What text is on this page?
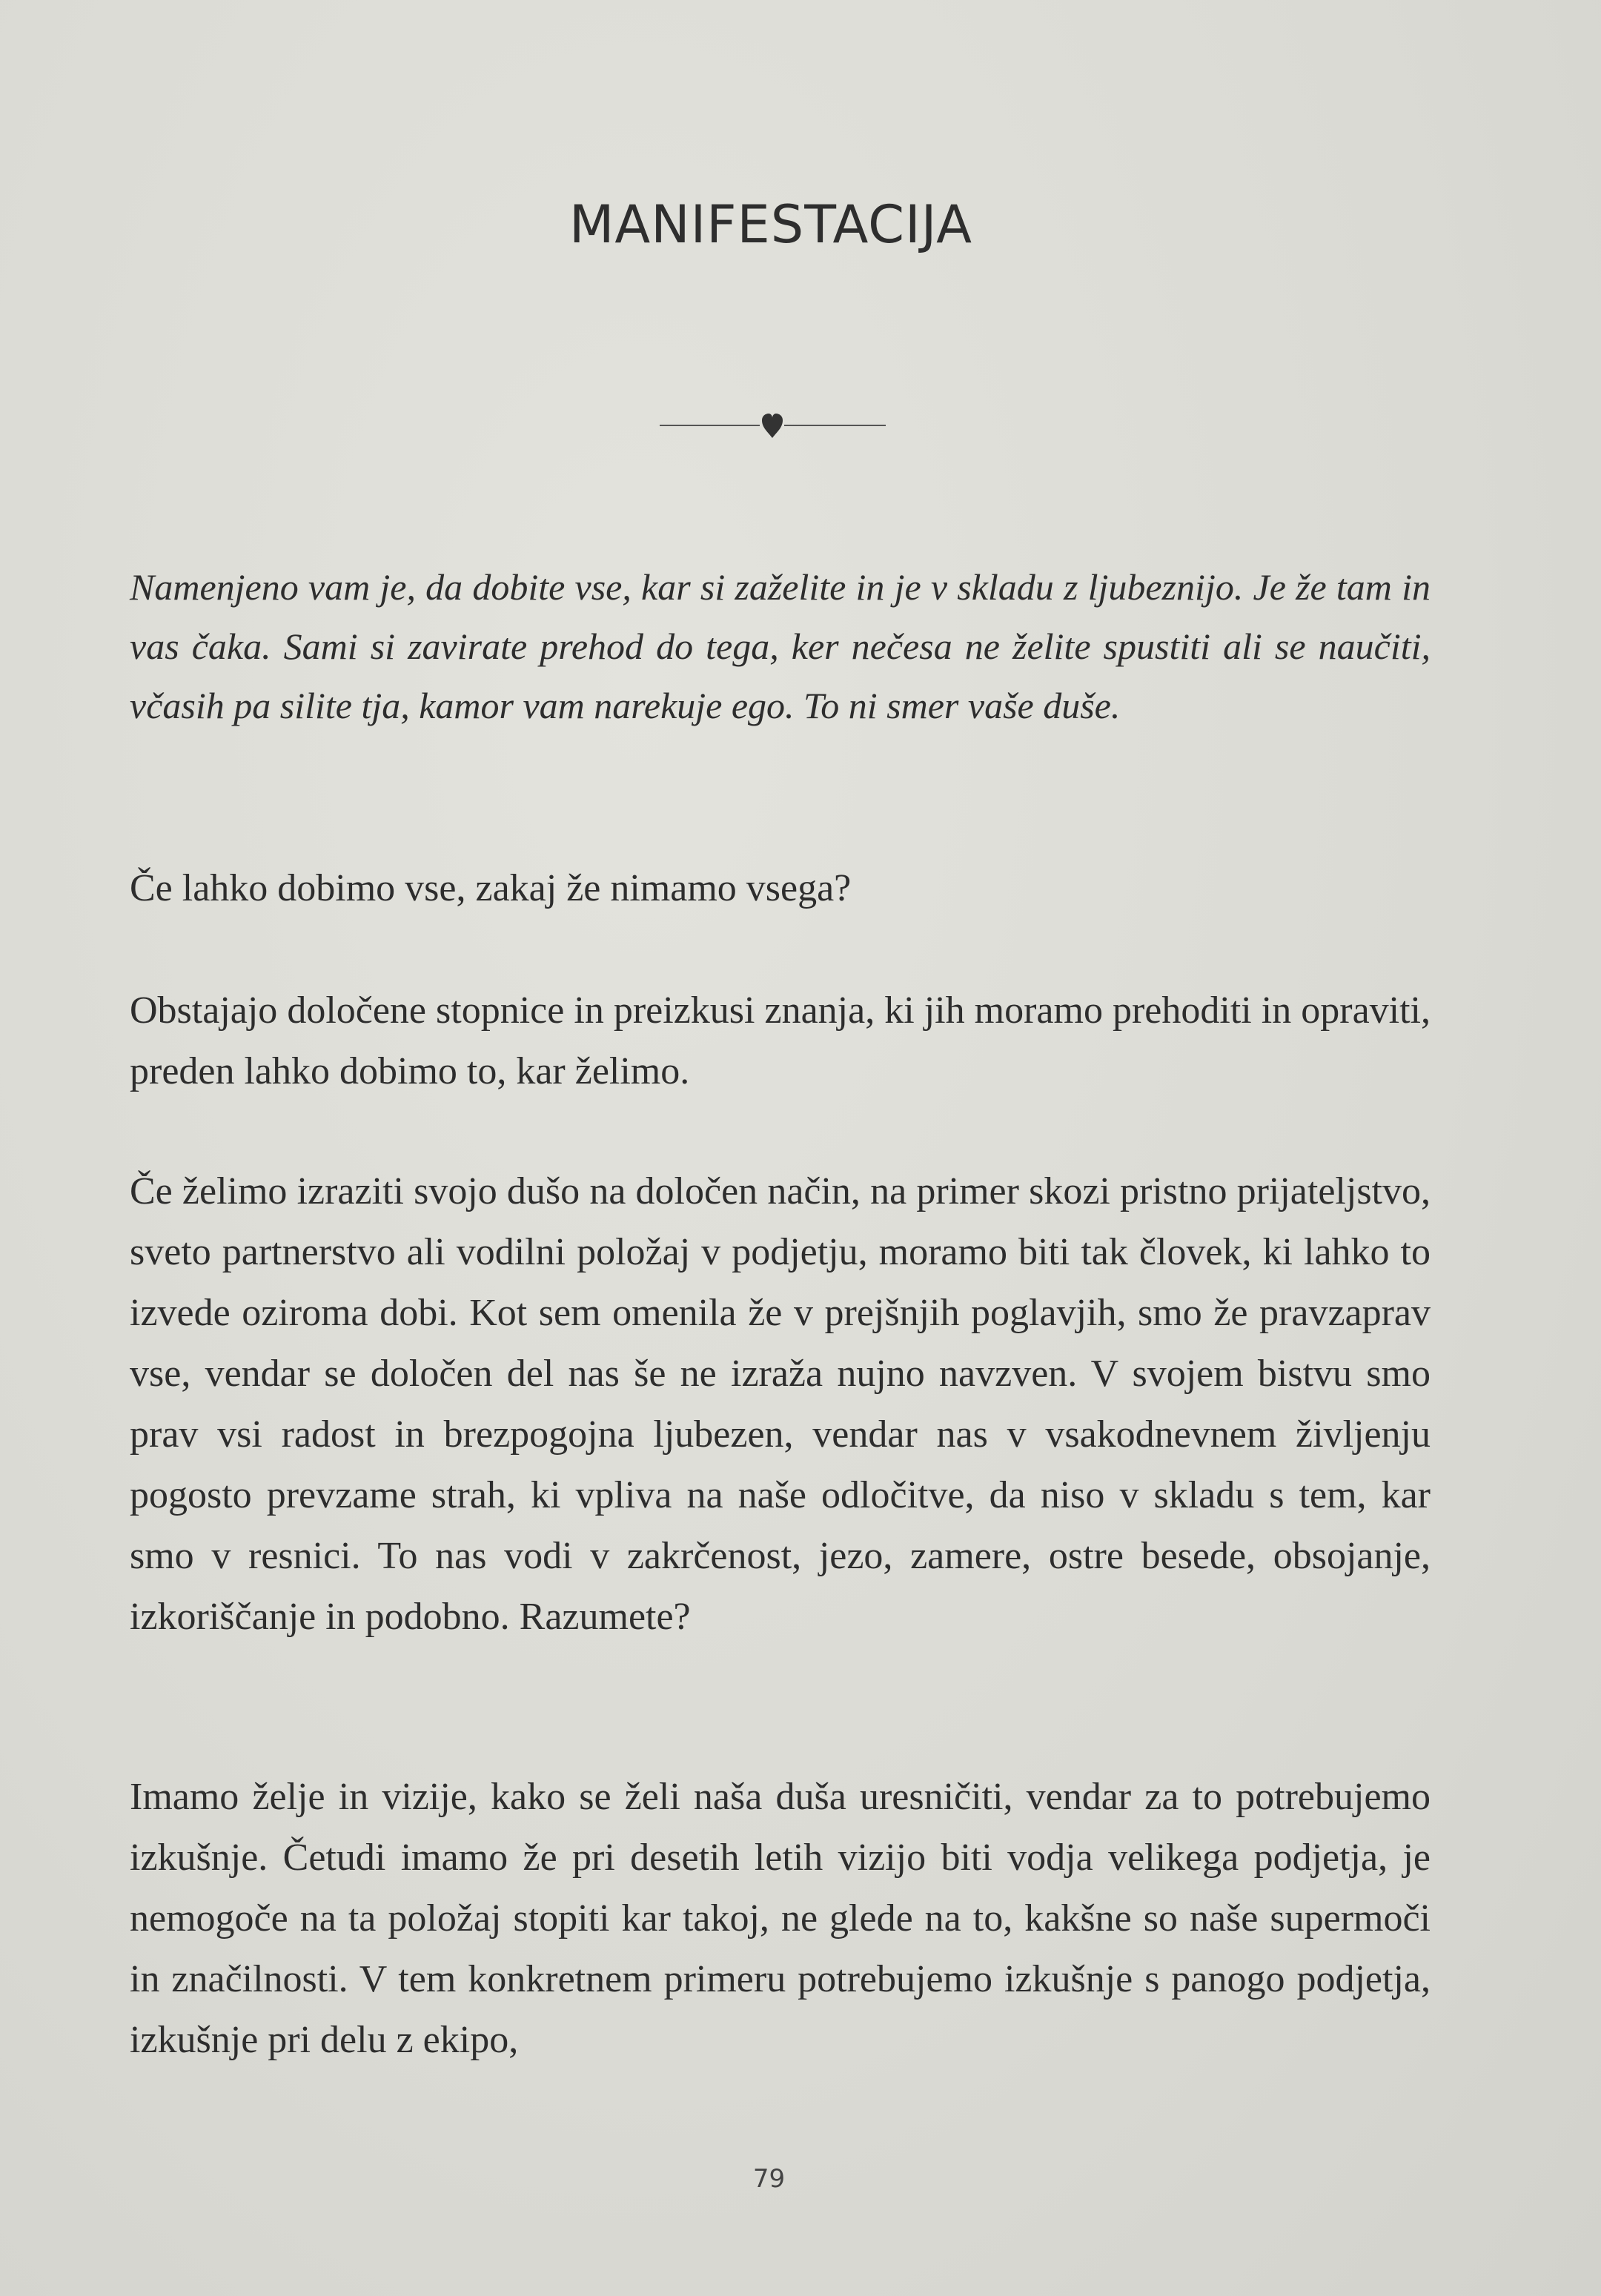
MANIFESTACIJA

Namenjeno vam je, da dobite vse, kar si zaželite in je v skladu z ljubeznijo. Je že tam in vas čaka. Sami si zavirate prehod do tega, ker nečesa ne želite spustiti ali se naučiti, včasih pa silite tja, kamor vam narekuje ego. To ni smer vaše duše.

Če lahko dobimo vse, zakaj že nimamo vsega?

Obstajajo določene stopnice in preizkusi znanja, ki jih moramo prehoditi in opraviti, preden lahko dobimo to, kar želimo.

Če želimo izraziti svojo dušo na določen način, na primer skozi pristno prijateljstvo, sveto partnerstvo ali vodilni položaj v podjetju, moramo biti tak človek, ki lahko to izvede oziroma dobi. Kot sem omenila že v prejšnjih poglavjih, smo že pravzaprav vse, vendar se določen del nas še ne izraža nujno navzven. V svojem bistvu smo prav vsi radost in brezpogojna ljubezen, vendar nas v vsakodnevnem življenju pogosto prevzame strah, ki vpliva na naše odločitve, da niso v skladu s tem, kar smo v resnici. To nas vodi v zakrčenost, jezo, zamere, ostre besede, obsojanje, izkoriščanje in podobno. Razumete?

Imamo želje in vizije, kako se želi naša duša uresničiti, vendar za to potrebujemo izkušnje. Četudi imamo že pri desetih letih vizijo biti vodja velikega podjetja, je nemogoče na ta položaj stopiti kar takoj, ne glede na to, kakšne so naše supermoči in značilnosti. V tem konkretnem primeru potrebujemo izkušnje s panogo podjetja, izkušnje pri delu z ekipo,

79
